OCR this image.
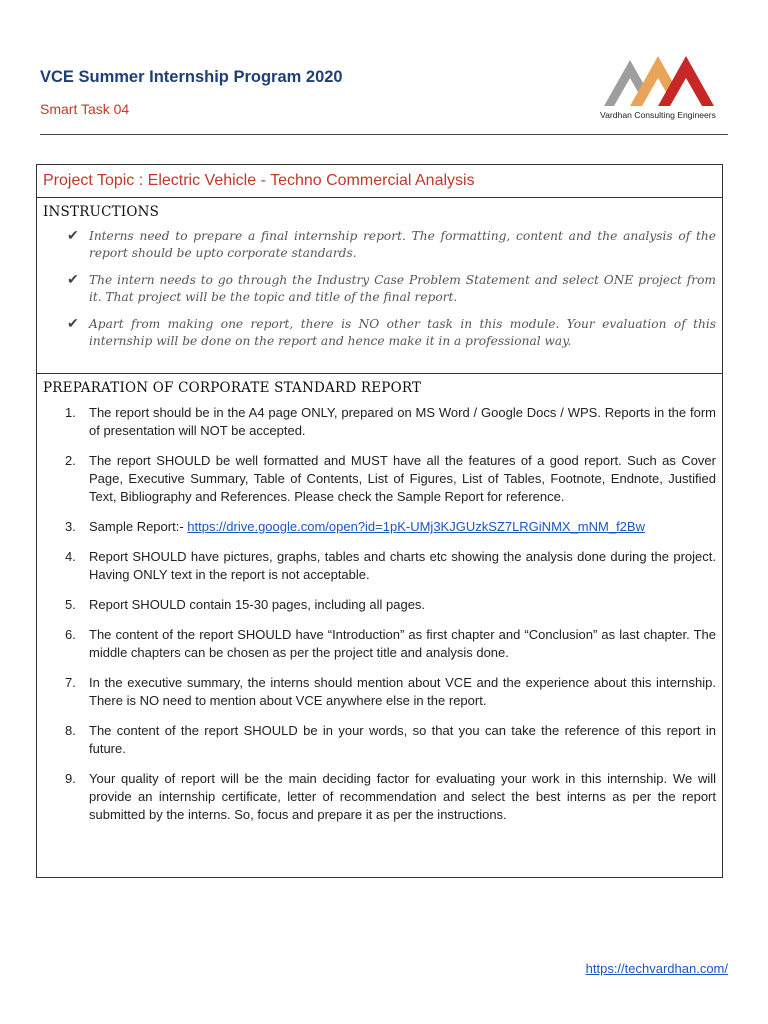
VCE Summer Internship Program 2020
Smart Task 04	Vardhan Consulting Engineers
Project Topic : Electric Vehicle - Techno Commercial Analysis
INSTRUCTIONS
✔ Interns need to prepare a final internship report. The formatting, content and the analysis of the report should be upto corporate standards.
✔ The intern needs to go through the Industry Case Problem Statement and select ONE project from it. That project will be the topic and title of the final report.
✔ Apart from making one report, there is NO other task in this module. Your evaluation of this internship will be done on the report and hence make it in a professional way.
PREPARATION OF CORPORATE STANDARD REPORT
1. The report should be in the A4 page ONLY, prepared on MS Word / Google Docs / WPS. Reports in the form of presentation will NOT be accepted.
2. The report SHOULD be well formatted and MUST have all the features of a good report. Such as Cover Page, Executive Summary, Table of Contents, List of Figures, List of Tables, Footnote, Endnote, Justified Text, Bibliography and References. Please check the Sample Report for reference.
3. Sample Report:- https://drive.google.com/open?id=1pK-UMj3KJGUzkSZ7LRGiNMX_mNM_f2Bw
4. Report SHOULD have pictures, graphs, tables and charts etc showing the analysis done during the project. Having ONLY text in the report is not acceptable.
5. Report SHOULD contain 15-30 pages, including all pages.
6. The content of the report SHOULD have “Introduction” as first chapter and “Conclusion” as last chapter. The middle chapters can be chosen as per the project title and analysis done.
7. In the executive summary, the interns should mention about VCE and the experience about this internship. There is NO need to mention about VCE anywhere else in the report.
8. The content of the report SHOULD be in your words, so that you can take the reference of this report in future.
9. Your quality of report will be the main deciding factor for evaluating your work in this internship. We will provide an internship certificate, letter of recommendation and select the best interns as per the report submitted by the interns. So, focus and prepare it as per the instructions.
https://techvardhan.com/
